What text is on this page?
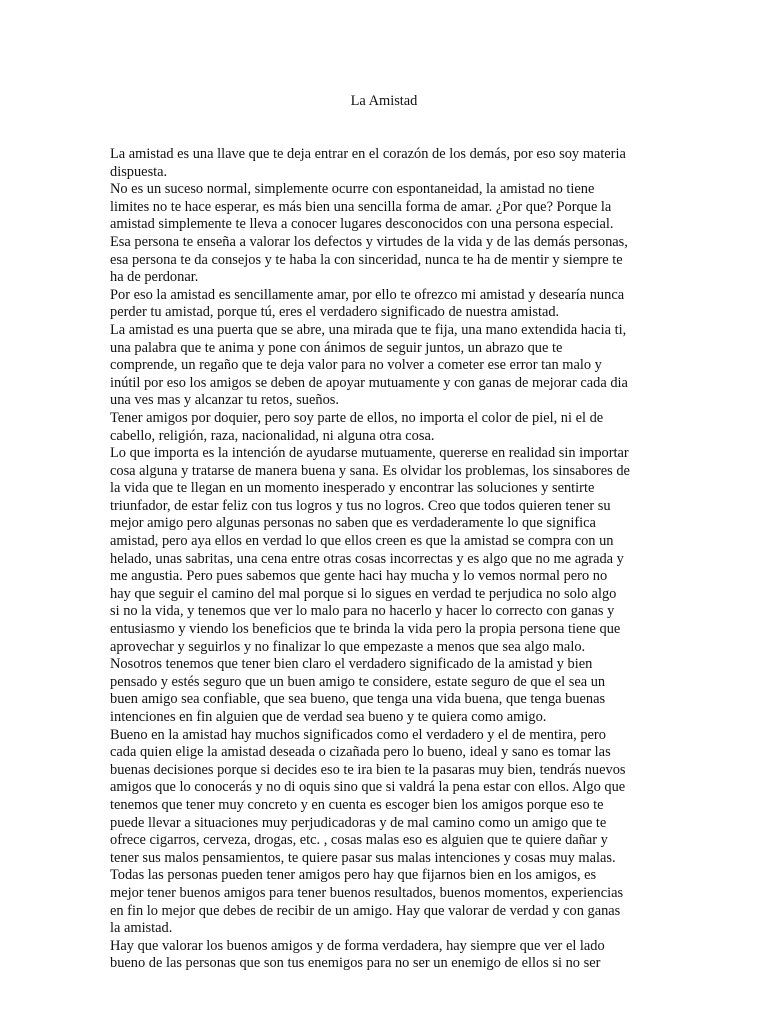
La Amistad
La amistad es una llave que te deja entrar en el corazón de los demás, por eso soy materia
dispuesta.
No es un suceso normal, simplemente ocurre con espontaneidad, la amistad no tiene
limites no te hace esperar, es más bien una sencilla forma de amar. ¿Por que? Porque la
amistad simplemente te lleva a conocer lugares desconocidos con una persona especial.
Esa persona te enseña a valorar los defectos y virtudes de la vida y de las demás personas,
esa persona te da consejos y te haba la con sinceridad, nunca te ha de mentir y siempre te
ha de perdonar.
Por eso la amistad es sencillamente amar, por ello te ofrezco mi amistad y desearía nunca
perder tu amistad, porque tú, eres el verdadero significado de nuestra amistad.
La amistad es una puerta que se abre, una mirada que te fija, una mano extendida hacia ti,
una palabra que te anima y pone con ánimos de seguir juntos, un abrazo que te
comprende, un regaño que te deja valor para no volver a cometer ese error tan malo y
inútil por eso los amigos se deben de apoyar mutuamente y con ganas de mejorar cada dia
una ves mas y alcanzar tu retos, sueños.
Tener amigos por doquier, pero soy parte de ellos, no importa el color de piel, ni el de
cabello, religión, raza, nacionalidad, ni alguna otra cosa.
Lo que importa es la intención de ayudarse mutuamente, quererse en realidad sin importar
cosa alguna y tratarse de manera buena y sana. Es olvidar los problemas, los sinsabores de
la vida que te llegan en un momento inesperado y encontrar las soluciones y sentirte
triunfador, de estar feliz con tus logros y tus no logros. Creo que todos quieren tener su
mejor amigo pero algunas personas no saben que es verdaderamente lo que significa
amistad, pero aya ellos en verdad lo que ellos creen es que la amistad se compra con un
helado, unas sabritas, una cena entre otras cosas incorrectas y es algo que no me agrada y
me angustia. Pero pues sabemos que gente haci hay mucha y lo vemos normal pero no
hay que seguir el camino del mal porque si lo sigues en verdad te perjudica no solo algo
si no la vida, y tenemos que ver lo malo para no hacerlo y hacer lo correcto con ganas y
entusiasmo y viendo los beneficios que te brinda la vida pero la propia persona tiene que
aprovechar y seguirlos y no finalizar lo que empezaste a menos que sea algo malo.
Nosotros tenemos que tener bien claro el verdadero significado de la amistad y bien
pensado y estés seguro que un buen amigo te considere, estate seguro de que el sea un
buen amigo sea confiable, que sea bueno, que tenga una vida buena, que tenga buenas
intenciones en fin alguien que de verdad sea bueno y te quiera como amigo.
Bueno en la amistad hay muchos significados como el verdadero y el de mentira, pero
cada quien elige la amistad deseada o cizañada pero lo bueno, ideal y sano es tomar las
buenas decisiones porque si decides eso te ira bien te la pasaras muy bien, tendrás nuevos
amigos que lo conocerás y no di oquis sino que si valdrá la pena estar con ellos. Algo que
tenemos que tener muy concreto y en cuenta es escoger bien los amigos porque eso te
puede llevar a situaciones muy perjudicadoras y de mal camino como un amigo que te
ofrece cigarros, cerveza, drogas, etc. , cosas malas eso es alguien que te quiere dañar y
tener sus malos pensamientos, te quiere pasar sus malas intenciones y cosas muy malas.
Todas las personas pueden tener amigos pero hay que fijarnos bien en los amigos, es
mejor tener buenos amigos para tener buenos resultados, buenos momentos, experiencias
en fin lo mejor que debes de recibir de un amigo. Hay que valorar de verdad y con ganas
la amistad.
Hay que valorar los buenos amigos y de forma verdadera, hay siempre que ver el lado
bueno de las personas que son tus enemigos para no ser un enemigo de ellos si no ser
